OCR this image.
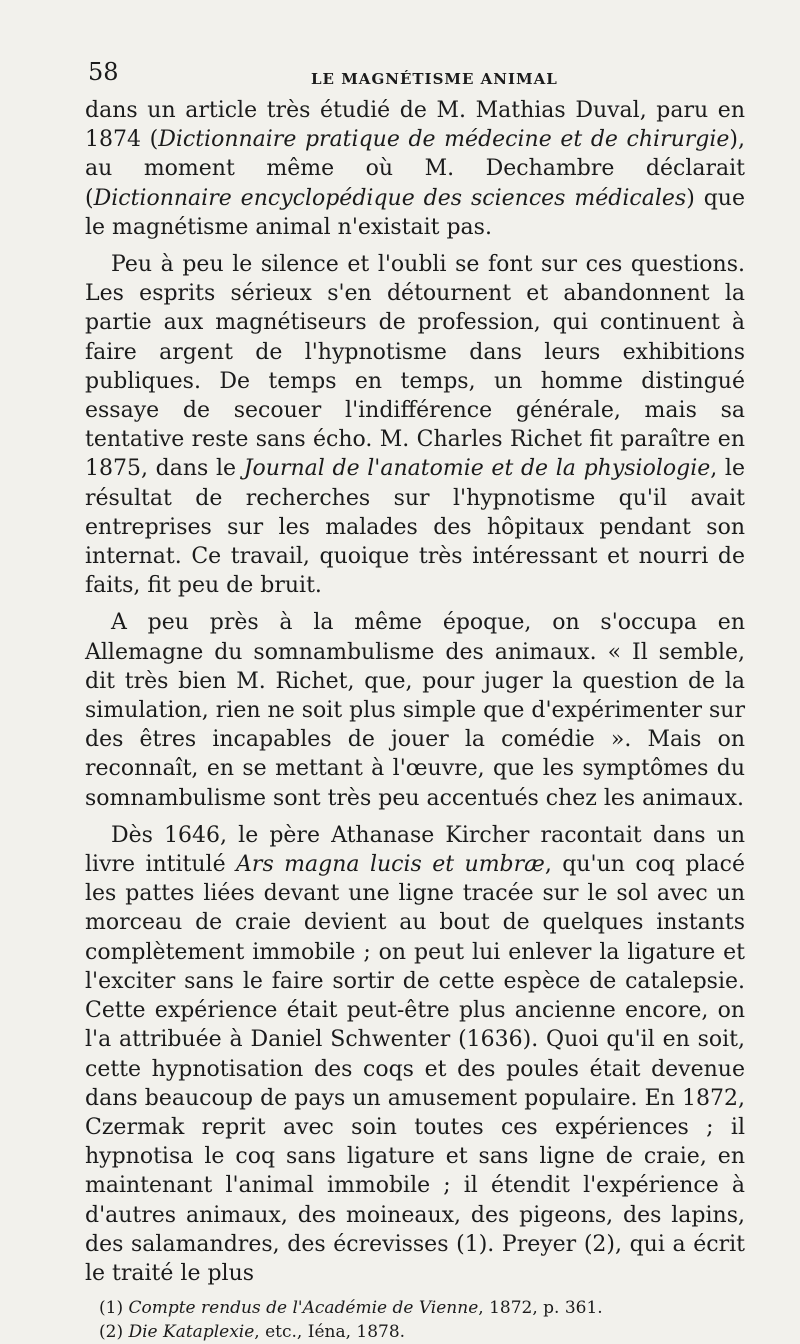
58	LE MAGNÉTISME ANIMAL

dans un article très étudié de M. Mathias Duval, paru en 1874 (Dictionnaire pratique de médecine et de chirurgie), au moment même où M. Dechambre déclarait (Dictionnaire encyclopédique des sciences médicales) que le magnétisme animal n'existait pas.

Peu à peu le silence et l'oubli se font sur ces questions. Les esprits sérieux s'en détournent et abandonnent la partie aux magnétiseurs de profession, qui continuent à faire argent de l'hypnotisme dans leurs exhibitions publiques. De temps en temps, un homme distingué essaye de secouer l'indifférence générale, mais sa tentative reste sans écho. M. Charles Richet fit paraître en 1875, dans le Journal de l'anatomie et de la physiologie, le résultat de recherches sur l'hypnotisme qu'il avait entreprises sur les malades des hôpitaux pendant son internat. Ce travail, quoique très intéressant et nourri de faits, fit peu de bruit.

A peu près à la même époque, on s'occupa en Allemagne du somnambulisme des animaux. « Il semble, dit très bien M. Richet, que, pour juger la question de la simulation, rien ne soit plus simple que d'expérimenter sur des êtres incapables de jouer la comédie ». Mais on reconnaît, en se mettant à l'œuvre, que les symptômes du somnambulisme sont très peu accentués chez les animaux.

Dès 1646, le père Athanase Kircher racontait dans un livre intitulé Ars magna lucis et umbræ, qu'un coq placé les pattes liées devant une ligne tracée sur le sol avec un morceau de craie devient au bout de quelques instants complètement immobile ; on peut lui enlever la ligature et l'exciter sans le faire sortir de cette espèce de catalepsie. Cette expérience était peut-être plus ancienne encore, on l'a attribuée à Daniel Schwenter (1636). Quoi qu'il en soit, cette hypnotisation des coqs et des poules était devenue dans beaucoup de pays un amusement populaire. En 1872, Czermak reprit avec soin toutes ces expériences ; il hypnotisa le coq sans ligature et sans ligne de craie, en maintenant l'animal immobile ; il étendit l'expérience à d'autres animaux, des moineaux, des pigeons, des lapins, des salamandres, des écrevisses (1). Preyer (2), qui a écrit le traité le plus

(1) Compte rendus de l'Académie de Vienne, 1872, p. 361.

(2) Die Kataplexie, etc., Iéna, 1878.
